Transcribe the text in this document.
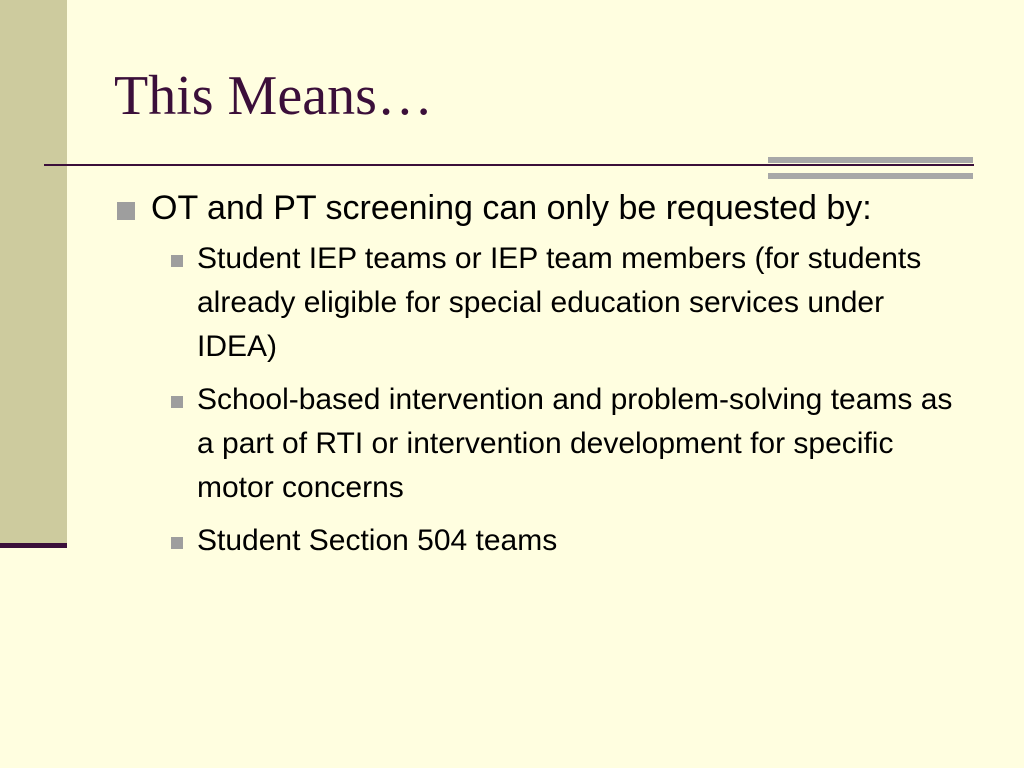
This Means…
OT and PT screening can only be requested by:
Student IEP teams or IEP team members (for students already eligible for special education services under IDEA)
School-based intervention and problem-solving teams as a part of RTI or intervention development for specific motor concerns
Student Section 504 teams
